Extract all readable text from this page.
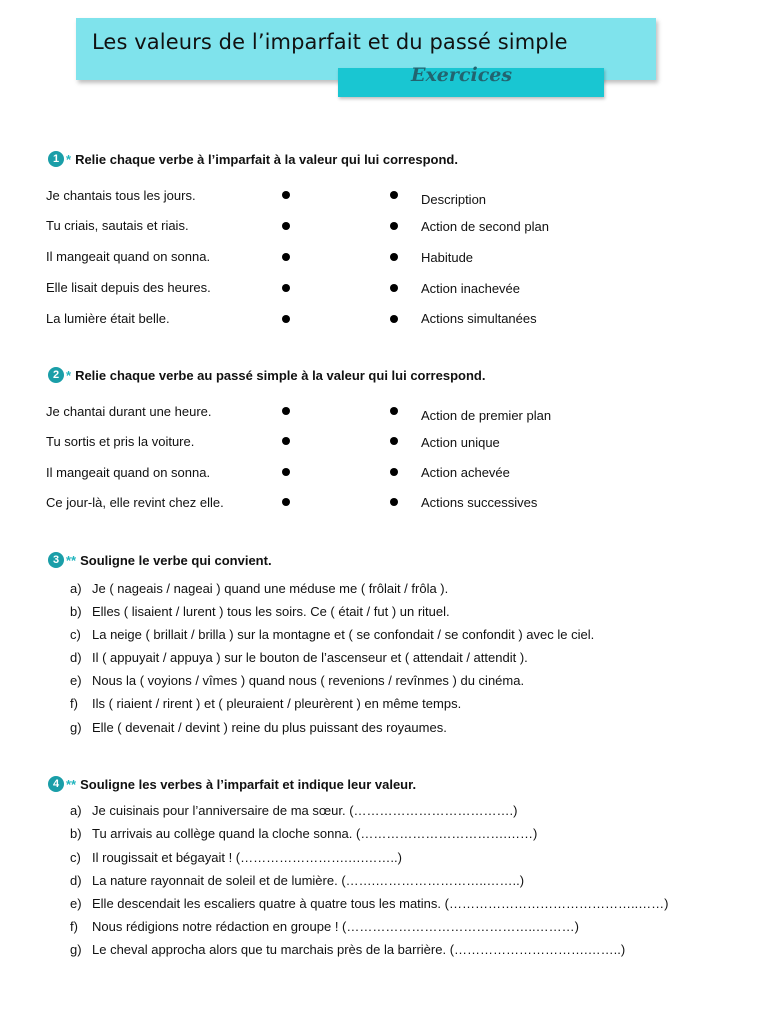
Les valeurs de l’imparfait et du passé simple
Exercices
1 * Relie chaque verbe à l’imparfait à la valeur qui lui correspond.
Je chantais tous les jours.
Tu criais, sautais et riais.
Il mangeait quand on sonna.
Elle lisait depuis des heures.
La lumière était belle.
Description
Action de second plan
Habitude
Action inachevée
Actions simultanées
2 * Relie chaque verbe au passé simple à la valeur qui lui correspond.
Je chantai durant une heure.
Tu sortis et pris la voiture.
Il mangeait quand on sonna.
Ce jour-là, elle revint chez elle.
Action de premier plan
Action unique
Action achevée
Actions successives
3 ** Souligne le verbe qui convient.
a) Je ( nageais / nageai ) quand une méduse me ( frôlait / frôla ).
b) Elles ( lisaient / lurent ) tous les soirs. Ce ( était / fut ) un rituel.
c) La neige ( brillait / brilla ) sur la montagne et ( se confondait / se confondit ) avec le ciel.
d) Il ( appuyait / appuya ) sur le bouton de l’ascenseur et ( attendait / attendit ).
e) Nous la ( voyions / vîmes ) quand nous ( revenions / revînmes ) du cinéma.
f) Ils ( riaient / rirent ) et ( pleuraient / pleurèrent ) en même temps.
g) Elle ( devenait / devint ) reine du plus puissant des royaumes.
4 ** Souligne les verbes à l’imparfait et indique leur valeur.
a) Je cuisinais pour l’anniversaire de ma sœur. (……………………………….)
b) Tu arrivais au collège quand la cloche sonna. (…………………………….……)
c) Il rougissait et bégayait ! (…………………….….……..)
d) La nature rayonnait de soleil et de lumière. (…….……………………..……..)
e) Elle descendait les escaliers quatre à quatre tous les matins. (……………………………………..……)
f) Nous rédigions notre rédaction en groupe ! (……………………………………..………)
g) Le cheval approcha alors que tu marchais près de la barrière. (………………………….……..)
